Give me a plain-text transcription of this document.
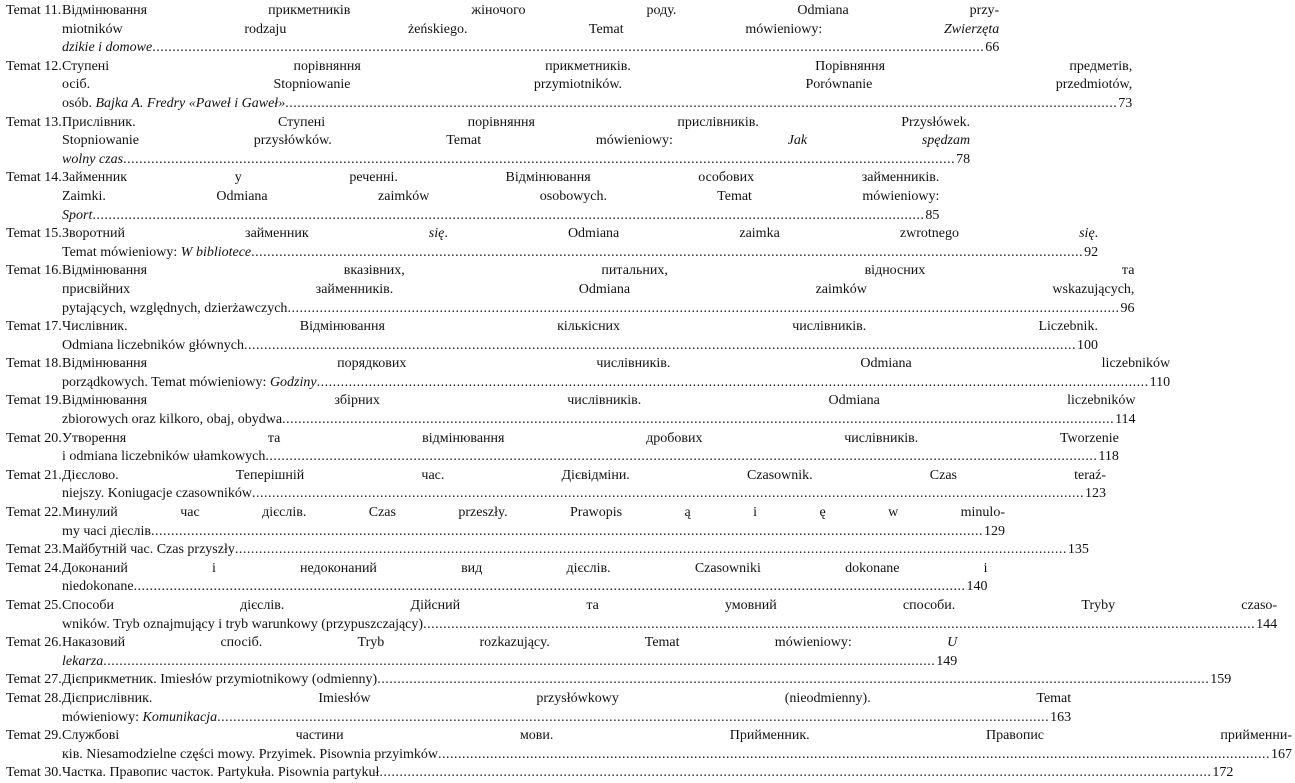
Temat 11. Відмінювання прикметників жіночого роду. Odmiana przy-
miotników rodzaju żeńskiego. Temat mówieniowy: Zwierzęta
dzikie i domowe .....	66
Temat 12. Ступені порівняння прикметників. Порівняння предметів,
осіб. Stopniowanie przymiotników. Porównanie przedmiotów,
osób. Bajka A. Fredry «Paweł i Gaweł» .....	73
Temat 13. Прислівник. Ступені порівняння прислівників. Przysłówek.
Stopniowanie przysłówków. Temat mówieniowy: Jak spędzam
wolny czas .....	78
Temat 14. Займенник у реченні. Відмінювання особових займенників.
Zaimki. Odmiana zaimków osobowych. Temat mówieniowy:
Sport .....	85
Temat 15. Зворотний займенник się. Odmiana zaimka zwrotnego się.
Temat mówieniowy: W bibliotece .....	92
Temat 16. Відмінювання вказівних, питальних, відносних та
присвійних займенників. Odmiana zaimków wskazujących,
pytających, względnych, dzierżawczych .....	96
Temat 17. Числівник. Відмінювання кількісних числівників. Liczebnik.
Odmiana liczebników głównych .....	100
Temat 18. Відмінювання порядкових числівників. Odmiana liczebników
porządkowych. Temat mówieniowy: Godziny .....	110
Temat 19. Відмінювання збірних числівників. Odmiana liczebników
zbiorowych oraz kilkoro, obaj, obydwa .....	114
Temat 20. Утворення та відмінювання дробових числівників. Tworzenie
i odmiana liczebników ułamkowych .....	118
Temat 21. Дієслово. Теперішній час. Дієвідміни. Czasownik. Czas teraź-
niejszy. Koniugacje czasowników .....	123
Temat 22. Минулий час дієслів. Czas przeszły. Prawopis ą i ę w minulo-
my часі дієслів .....	129
Temat 23. Майбутній час. Czas przyszły .....	135
Temat 24. Доконаний і недоконаний вид дієслів. Czasowniki dokonane i
niedokonane .....	140
Temat 25. Способи дієслів. Дійсний та умовний способи. Tryby czaso-
wników. Tryb oznajmujący i tryb warunkowy (przypuszczający) .....	144
Temat 26. Наказовий спосіб. Tryb rozkazujący. Temat mówieniowy: U
lekarza .....	149
Temat 27. Дієприкметник. Imiesłów przymiotnikowy (odmienny) .....	159
Temat 28. Дієприслівник. Imiesłów przysłówkowy (nieodmienny). Temat
mówieniowy: Komunikacja .....	163
Temat 29. Службові частини мови. Прийменник. Правопис прийменни-
ків. Niesamodzielne części mowy. Przyimek. Pisownia przyimków .....	167
Temat 30. Частка. Правопис часток. Partykuła. Pisownia partykuł .....	172
